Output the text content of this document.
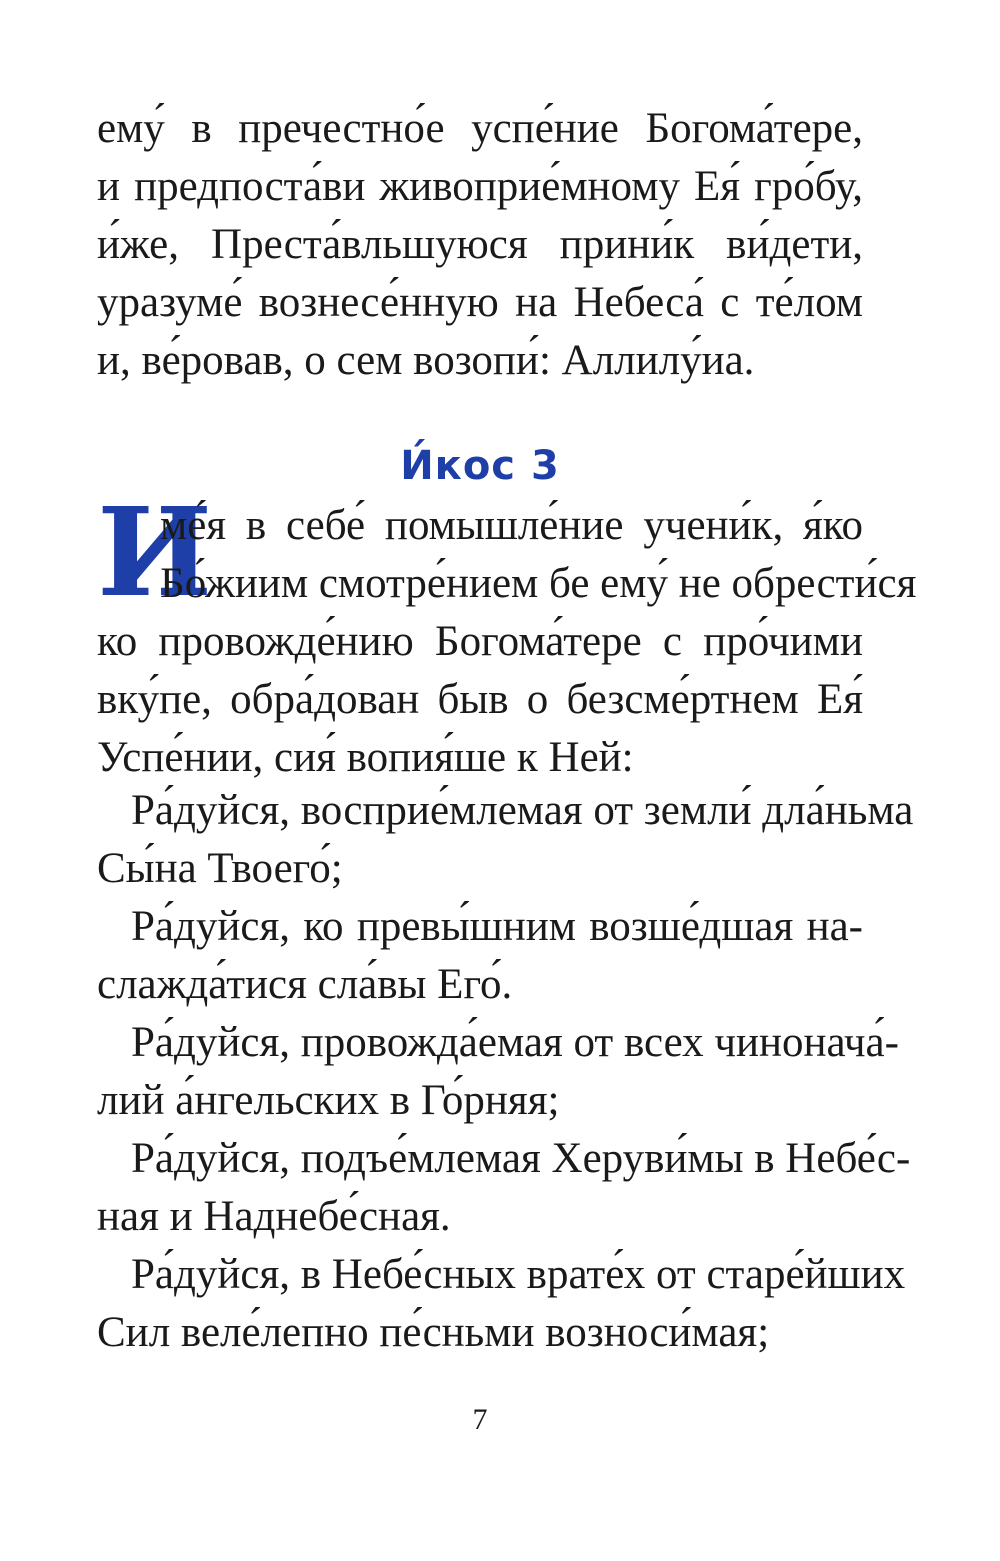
ему́ в пречестно́е успе́ние Богома́тере,
и предпоста́ви живоприе́мному Ея́ гро́бу,
и́же, Преста́вльшуюся прини́к ви́дети,
уразуме́ вознесе́нную на Небеса́ с те́лом
и, ве́ровав, о сем возопи́: Аллилу́иа.
И́кос 3
И
ме́я в себе́ помышле́ние учени́к, я́ко
Бо́жиим смотре́нием бе ему́ не обрести́ся
ко провожде́нию Богома́тере с про́чими
вку́пе, обра́дован быв о безсме́ртнем Ея́
Успе́нии, сия́ вопия́ше к Ней:
Ра́дуйся, восприе́млемая от земли́ дла́ньма
Сы́на Твоего́;
Ра́дуйся, ко превы́шним возше́дшая на-
слажда́тися сла́вы Его́.
Ра́дуйся, провожда́емая от всех чинонача́-
лий а́нгельских в Го́рняя;
Ра́дуйся, подъе́млемая Херуви́мы в Небе́с-
ная и Наднебе́сная.
Ра́дуйся, в Небе́сных врате́х от старе́йших
Сил веле́лепно пе́сньми возноси́мая;
7
